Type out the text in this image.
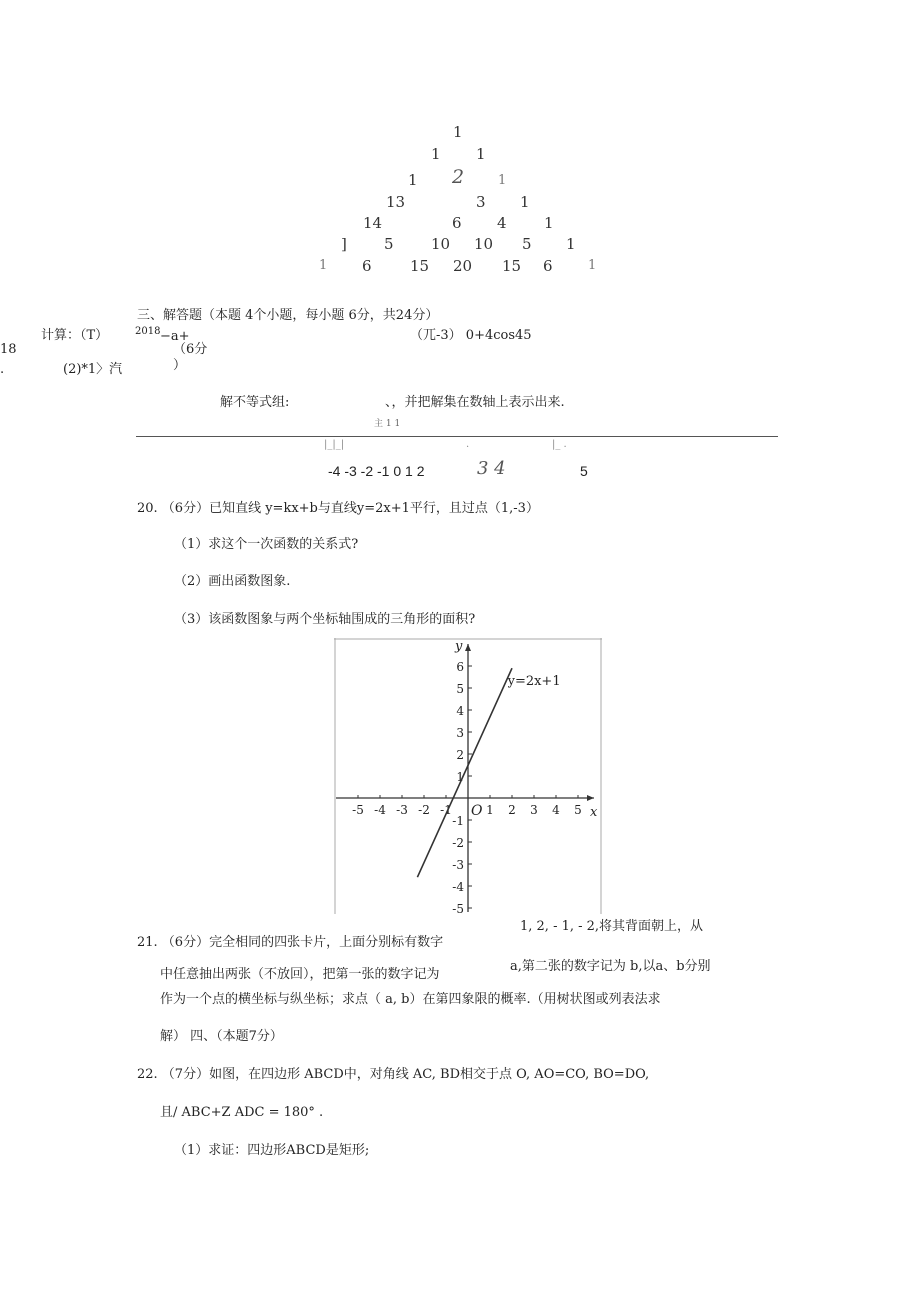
1
1 1
1 2	1
13	3 1
14	6 4 1
] 5 10 10 5 1
1 6	15 20 15 6	1
三、解答题（本题 4个小题，每小题 6分，共24分）
计算：（T）	2018 −a+	（兀-3） 0+4cos45
18	（6分
.	(2)*1〉汽	）
解不等式组:	、，并把解集在数轴上表示出来.
主 1 1
|_|_|	.	|_ .
-4 -3 -2 -1 0 1 2	3 4	5
20. （6分）已知直线 y=kx+b与直线y=2x+1平行，且过点（1,-3）
（1）求这个一次函数的关系式?
（2）画出函数图象.
（3）该函数图象与两个坐标轴围成的三角形的面积?
-5 -4 -3 -2 -1	1 2 3 4 5
6
5
4
3
2
1
-1
-2
-3
-4
-5
x
y
O
y=2x+1
21. （6分）完全相同的四张卡片，上面分别标有数字
1, 2, - 1, - 2,将其背面朝上，从
中任意抽出两张（不放回），把第一张的数字记为
a,第二张的数字记为 b,以a、b分别
作为一个点的横坐标与纵坐标；求点（ a, b）在第四象限的概率.（用树状图或列表法求
解） 四、（本题7分）
22. （7分）如图，在四边形 ABCD中，对角线 AC, BD相交于点 O, AO=CO, BO=DO,
且/ ABC+Z ADC = 180° .
（1）求证：四边形ABCD是矩形;
